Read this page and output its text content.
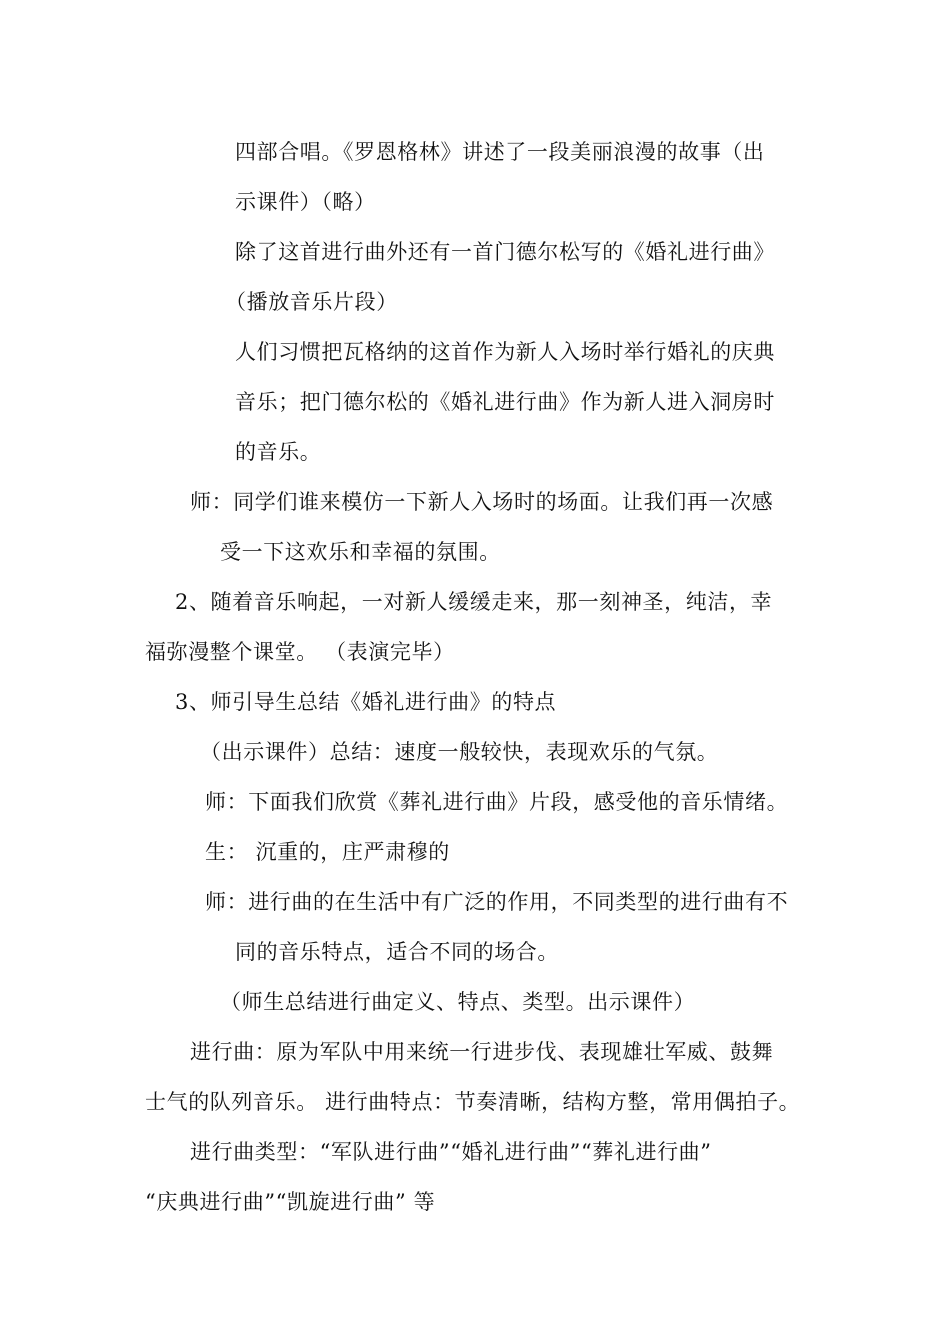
四部合唱。《罗恩格林》讲述了一段美丽浪漫的故事（出
示课件）（略）
除了这首进行曲外还有一首门德尔松写的《婚礼进行曲》
（播放音乐片段）
人们习惯把瓦格纳的这首作为新人入场时举行婚礼的庆典
音乐；把门德尔松的《婚礼进行曲》作为新人进入洞房时
的音乐。
师：同学们谁来模仿一下新人入场时的场面。让我们再一次感
受一下这欢乐和幸福的氛围。
2、随着音乐响起，一对新人缓缓走来，那一刻神圣，纯洁，幸
福弥漫整个课堂。 （表演完毕）
3、师引导生总结《婚礼进行曲》的特点
（出示课件）总结：速度一般较快，表现欢乐的气氛。
师：下面我们欣赏《葬礼进行曲》片段，感受他的音乐情绪。
生： 沉重的，庄严肃穆的
师：进行曲的在生活中有广泛的作用，不同类型的进行曲有不
同的音乐特点，适合不同的场合。
（师生总结进行曲定义、特点、类型。出示课件）
进行曲：原为军队中用来统一行进步伐、表现雄壮军威、鼓舞
士气的队列音乐。 进行曲特点：节奏清晰，结构方整，常用偶拍子。
进行曲类型：“军队进行曲”“婚礼进行曲”“葬礼进行曲”
“庆典进行曲”“凯旋进行曲” 等
